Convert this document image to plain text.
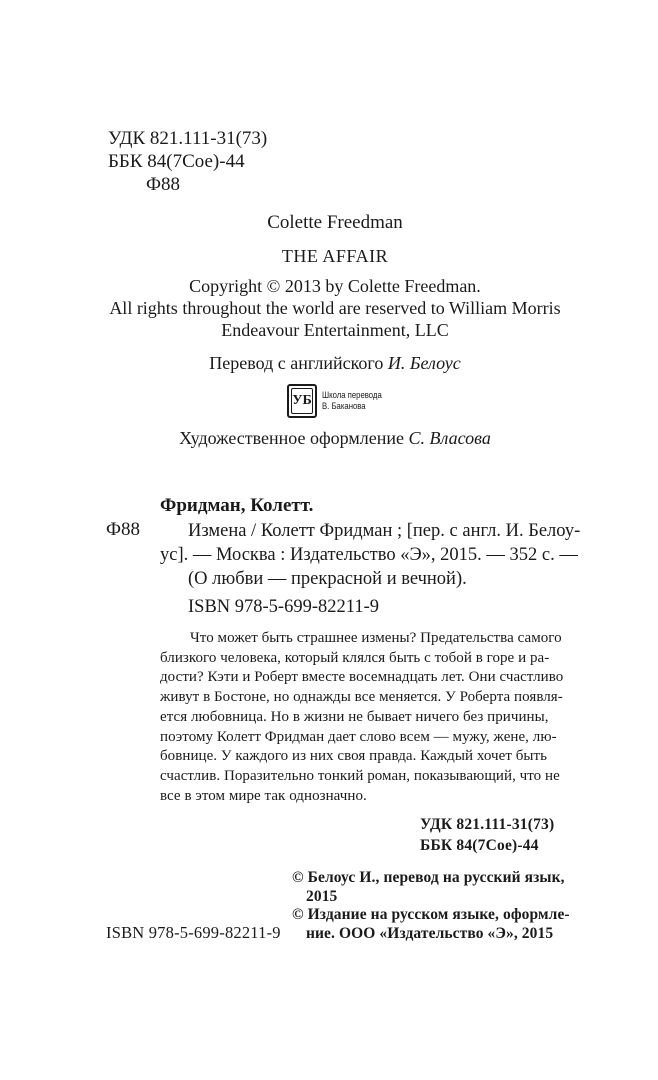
УДК 821.111-31(73)
ББК 84(7Сое)-44
Ф88
Colette Freedman
THE AFFAIR
Copyright © 2013 by Colette Freedman.
All rights throughout the world are reserved to William Morris
Endeavour Entertainment, LLC
Перевод с английского И. Белоус
УБ Школа перевода
В. Баканова
Художественное оформление С. Власова
Фридман, Колетт.
Ф88	Измена / Колетт Фридман ; [пер. с англ. И. Белоу-
ус]. — Москва : Издательство «Э», 2015. — 352 с. —
(О любви — прекрасной и вечной).
ISBN 978-5-699-82211-9
Что может быть страшнее измены? Предательства самого
близкого человека, который клялся быть с тобой в горе и ра-
дости? Кэти и Роберт вместе восемнадцать лет. Они счастливо
живут в Бостоне, но однажды все меняется. У Роберта появля-
ется любовница. Но в жизни не бывает ничего без причины,
поэтому Колетт Фридман дает слово всем — мужу, жене, лю-
бовнице. У каждого из них своя правда. Каждый хочет быть
счастлив. Поразительно тонкий роман, показывающий, что не
все в этом мире так однозначно.
УДК 821.111-31(73)
ББК 84(7Сое)-44
© Белоус И., перевод на русский язык,
2015
© Издание на русском языке, оформле-
ние. ООО «Издательство «Э», 2015
ISBN 978-5-699-82211-9
